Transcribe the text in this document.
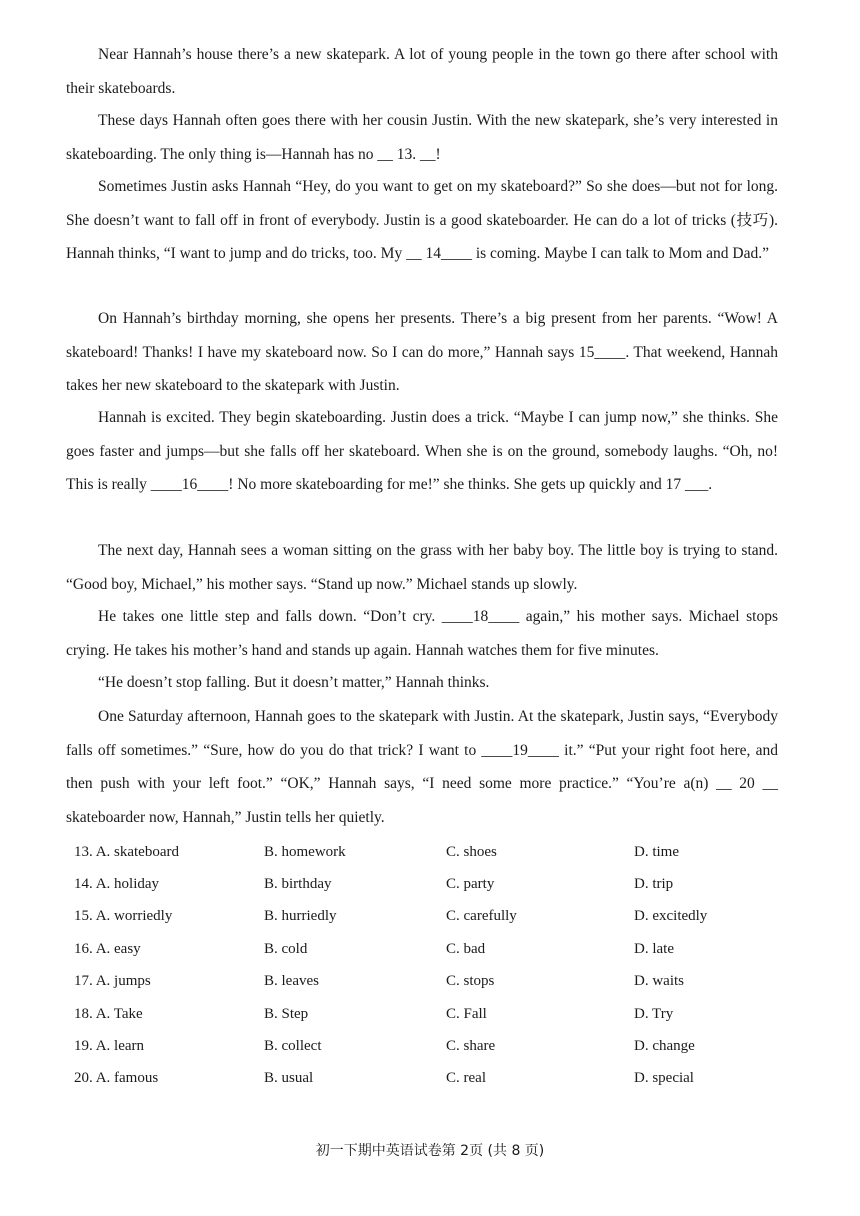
Near Hannah’s house there’s a new skatepark. A lot of young people in the town go there after school with their skateboards.

These days Hannah often goes there with her cousin Justin. With the new skatepark, she’s very interested in skateboarding. The only thing is—Hannah has no __ 13. __!

Sometimes Justin asks Hannah “Hey, do you want to get on my skateboard?” So she does—but not for long. She doesn’t want to fall off in front of everybody. Justin is a good skateboarder. He can do a lot of tricks (技巧). Hannah thinks, “I want to jump and do tricks, too. My __ 14____ is coming. Maybe I can talk to Mom and Dad.”

On Hannah’s birthday morning, she opens her presents. There’s a big present from her parents. “Wow! A skateboard! Thanks! I have my skateboard now. So I can do more,” Hannah says 15____. That weekend, Hannah takes her new skateboard to the skatepark with Justin.

Hannah is excited. They begin skateboarding. Justin does a trick. “Maybe I can jump now,” she thinks. She goes faster and jumps—but she falls off her skateboard. When she is on the ground, somebody laughs. “Oh, no! This is really ____16____! No more skateboarding for me!” she thinks. She gets up quickly and 17 ___.

The next day, Hannah sees a woman sitting on the grass with her baby boy. The little boy is trying to stand. “Good boy, Michael,” his mother says. “Stand up now.” Michael stands up slowly.

He takes one little step and falls down. “Don’t cry. ____18____ again,” his mother says. Michael stops crying. He takes his mother’s hand and stands up again. Hannah watches them for five minutes.

“He doesn’t stop falling. But it doesn’t matter,” Hannah thinks.

One Saturday afternoon, Hannah goes to the skatepark with Justin. At the skatepark, Justin says, “Everybody falls off sometimes.” “Sure, how do you do that trick? I want to ____19____ it.” “Put your right foot here, and then push with your left foot.” “OK,” Hannah says, “I need some more practice.” “You’re a(n) __ 20 __ skateboarder now, Hannah,” Justin tells her quietly.

13. A. skateboard	B. homework	C. shoes	D. time
14. A. holiday	B. birthday	C. party	D. trip
15. A. worriedly	B. hurriedly	C. carefully	D. excitedly
16. A. easy	B. cold	C. bad	D. late
17. A. jumps	B. leaves	C. stops	D. waits
18. A. Take	B. Step	C. Fall	D. Try
19. A. learn	B. collect	C. share	D. change
20. A. famous	B. usual	C. real	D. special
初一下期中英语试卷第 2页 (共 8 页)
